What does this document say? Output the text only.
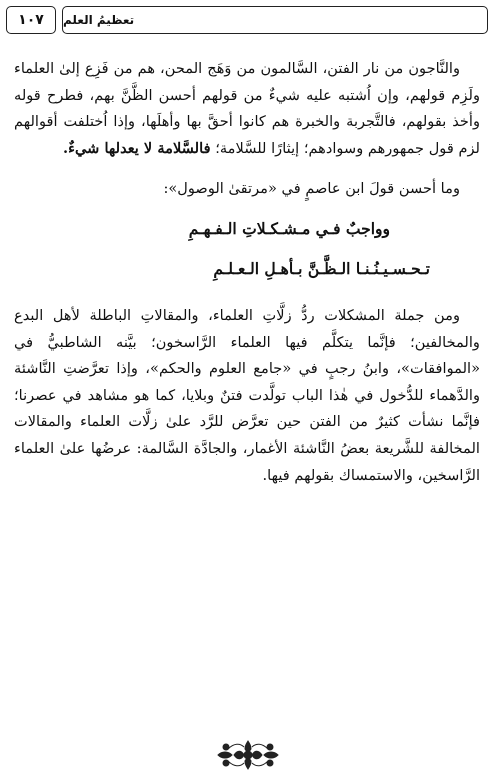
١٠٧	تعظيمُ العلم

والنَّاجون من نار الفتن، السَّالمون من وَهَج المحن، هم من فَزِع إلىٰ العلماء ولَزِم قولهم، وإن اُشتبه عليه شيءٌ من قولهم أحسن الظَّنَّ بهم، فطرح قوله وأخذ بقولهم، فالتَّجربة والخبرة هم كانوا أحقَّ بها وأهلَها، وإذا اُختلفت أقوالهم لزم قول جمهورهم وسوادهم؛ إيثارًا للسَّلامة؛ فالسَّلامة لا يعدلها شيءٌ.

وما أحسن قولَ ابن عاصمٍ في «مرتقىٰ الوصول»:

وواجبٌ فـي مـشـكـلاتِ الـفـهـمِ
تـحـسـيـنُـنـا الـظَّـنَّ بـأهـلِ الـعـلـمِ

ومن جملة المشكلات ردُّ زلَّاتِ العلماء، والمقالاتِ الباطلة لأهل البدع والمخالفين؛ فإنَّما يتكلَّم فيها العلماء الرَّاسخون؛ بيَّنه الشاطبيُّ في «الموافقات»، وابنُ رجبٍ في «جامع العلوم والحكم»، وإذا تعرَّضتِ النَّاشئة والدَّهماء للدُّخول في هٰذا الباب تولَّدت فتنٌ وبلايا، كما هو مشاهد في عصرنا؛ فإنَّما نشأت كثيرٌ من الفتن حين تعرَّض للرَّد علىٰ زلَّات العلماء والمقالات المخالفة للشَّريعة بعضُ النَّاشئة الأغمار، والجادَّة السَّالمة: عرضُها علىٰ العلماء الرَّاسخين، والاستمساك بقولهم فيها.
